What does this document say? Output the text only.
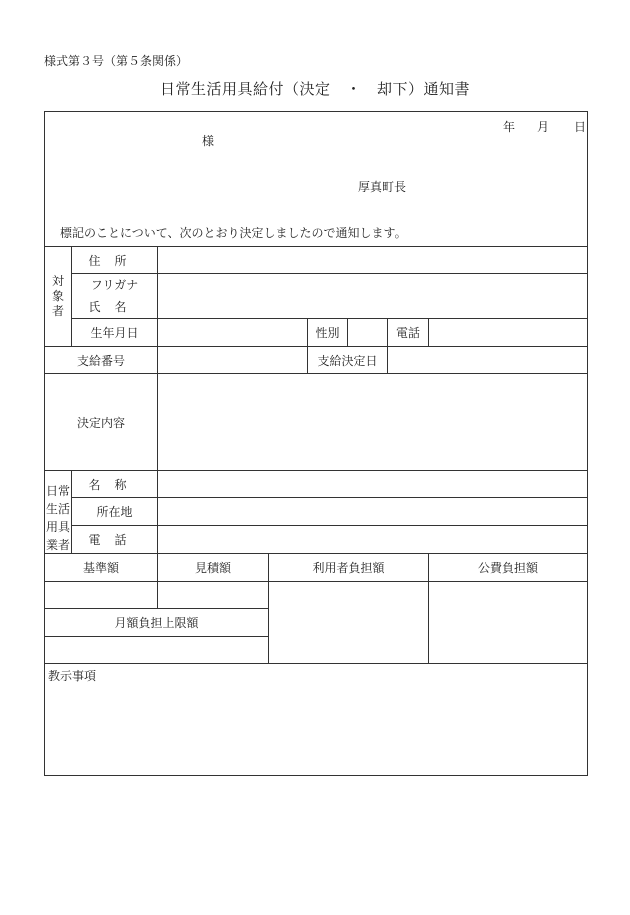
様式第３号（第５条関係）
日常生活用具給付（決定　・　却下）通知書
年 月 日
様
厚真町長
標記のことについて、次のとおり決定しましたので通知します。
対
象
者
住所
フリガナ
氏名
生年月日	性別	電話
支給番号	支給決定日
決定内容
日常
生活
用具
業者
名称
所在地
電話
基準額	見積額	利用者負担額	公費負担額
月額負担上限額
教示事項
